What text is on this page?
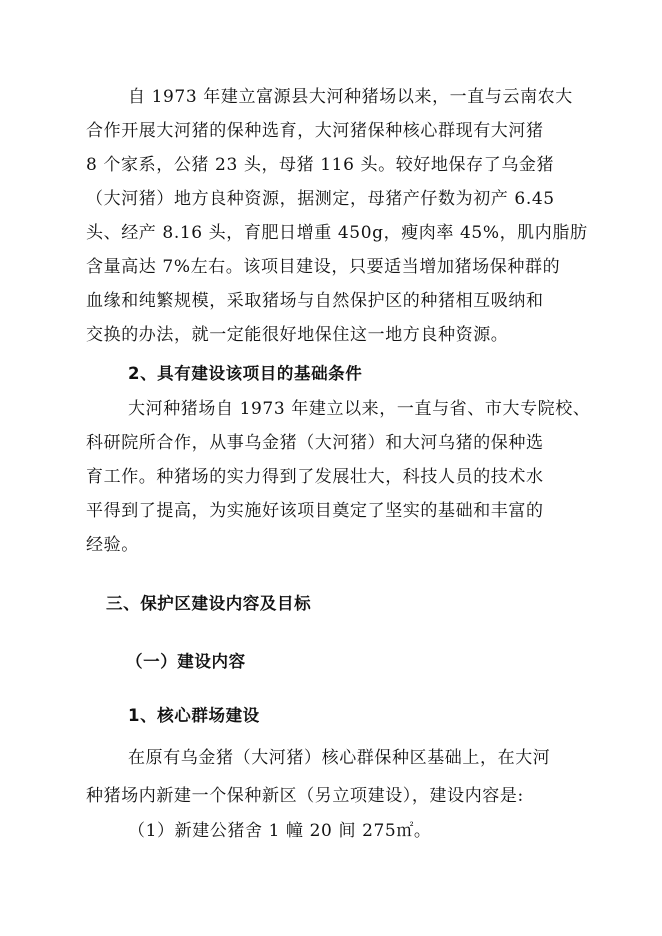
自 1973 年建立富源县大河种猪场以来，一直与云南农大
合作开展大河猪的保种选育，大河猪保种核心群现有大河猪
8 个家系，公猪 23 头，母猪 116 头。较好地保存了乌金猪
（大河猪）地方良种资源，据测定，母猪产仔数为初产 6.45
头、经产 8.16 头，育肥日增重 450g，瘦肉率 45%，肌内脂肪
含量高达 7%左右。该项目建设，只要适当增加猪场保种群的
血缘和纯繁规模，采取猪场与自然保护区的种猪相互吸纳和
交换的办法，就一定能很好地保住这一地方良种资源。
2、具有建设该项目的基础条件
大河种猪场自 1973 年建立以来，一直与省、市大专院校、
科研院所合作，从事乌金猪（大河猪）和大河乌猪的保种选
育工作。种猪场的实力得到了发展壮大，科技人员的技术水
平得到了提高，为实施好该项目奠定了坚实的基础和丰富的
经验。
三、保护区建设内容及目标
（一）建设内容
1、核心群场建设
在原有乌金猪（大河猪）核心群保种区基础上，在大河
种猪场内新建一个保种新区（另立项建设），建设内容是:
（1）新建公猪舍 1 幢 20 间 275㎡。
